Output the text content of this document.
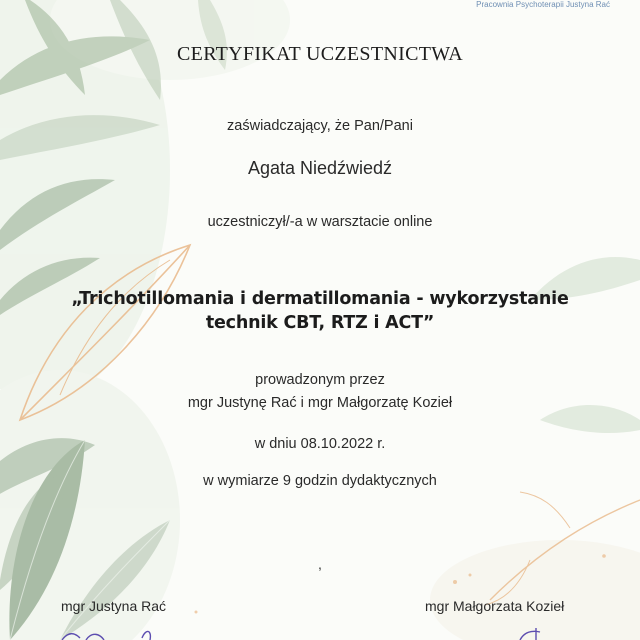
Pracownia Psychoterapii Justyna Rać
CERTYFIKAT UCZESTNICTWA
zaświadczający, że Pan/Pani
Agata Niedźwiedź
uczestniczył/-a w warsztacie online
„Trichotillomania i dermatillomania - wykorzystanie
technik CBT, RTZ i ACT”
prowadzonym przez
mgr Justynę Rać i mgr Małgorzatę Kozieł
w dniu 08.10.2022 r.
w wymiarze 9 godzin dydaktycznych
,
mgr Justyna Rać	mgr Małgorzata Kozieł
